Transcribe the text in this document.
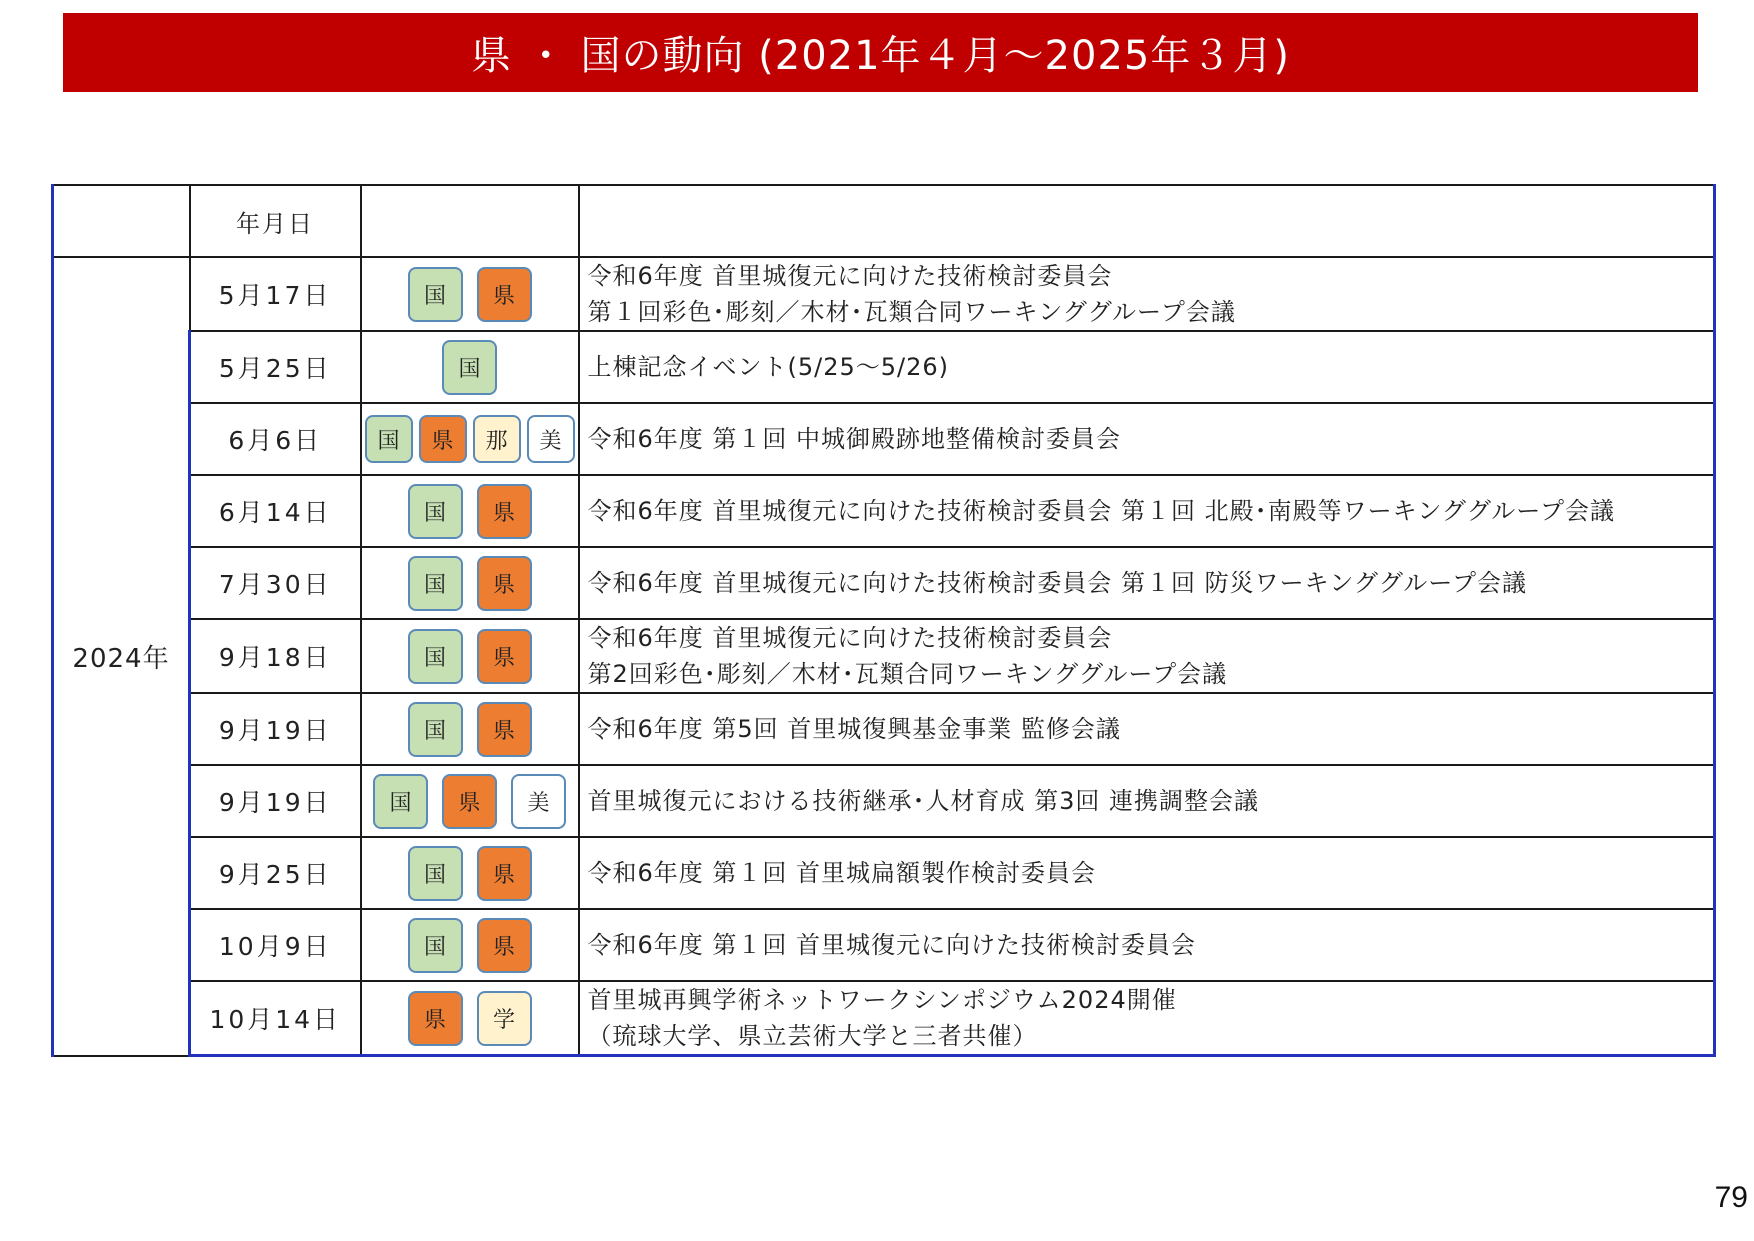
県 ・ 国の動向 (2021年４月～2025年３月)
	年月日		
2024年	5月17日	国 県	令和6年度 首里城復元に向けた技術検討委員会
第１回彩色･彫刻／木材･瓦類合同ワーキンググループ会議

	5月25日	国	上棟記念イベント(5/25～5/26)

	6月6日	国 県 那 美	令和6年度 第１回 中城御殿跡地整備検討委員会

	6月14日	国 県	令和6年度 首里城復元に向けた技術検討委員会 第１回 北殿･南殿等ワーキンググループ会議

	7月30日	国 県	令和6年度 首里城復元に向けた技術検討委員会 第１回 防災ワーキンググループ会議

	9月18日	国 県	令和6年度 首里城復元に向けた技術検討委員会
第2回彩色･彫刻／木材･瓦類合同ワーキンググループ会議

	9月19日	国 県	令和6年度 第5回 首里城復興基金事業 監修会議

	9月19日	国 県 美	首里城復元における技術継承･人材育成 第3回 連携調整会議

	9月25日	国 県	令和6年度 第１回 首里城扁額製作検討委員会

	10月9日	国 県	令和6年度 第１回 首里城復元に向けた技術検討委員会

	10月14日	県 学	首里城再興学術ネットワークシンポジウム2024開催
（琉球大学、県立芸術大学と三者共催）
79
